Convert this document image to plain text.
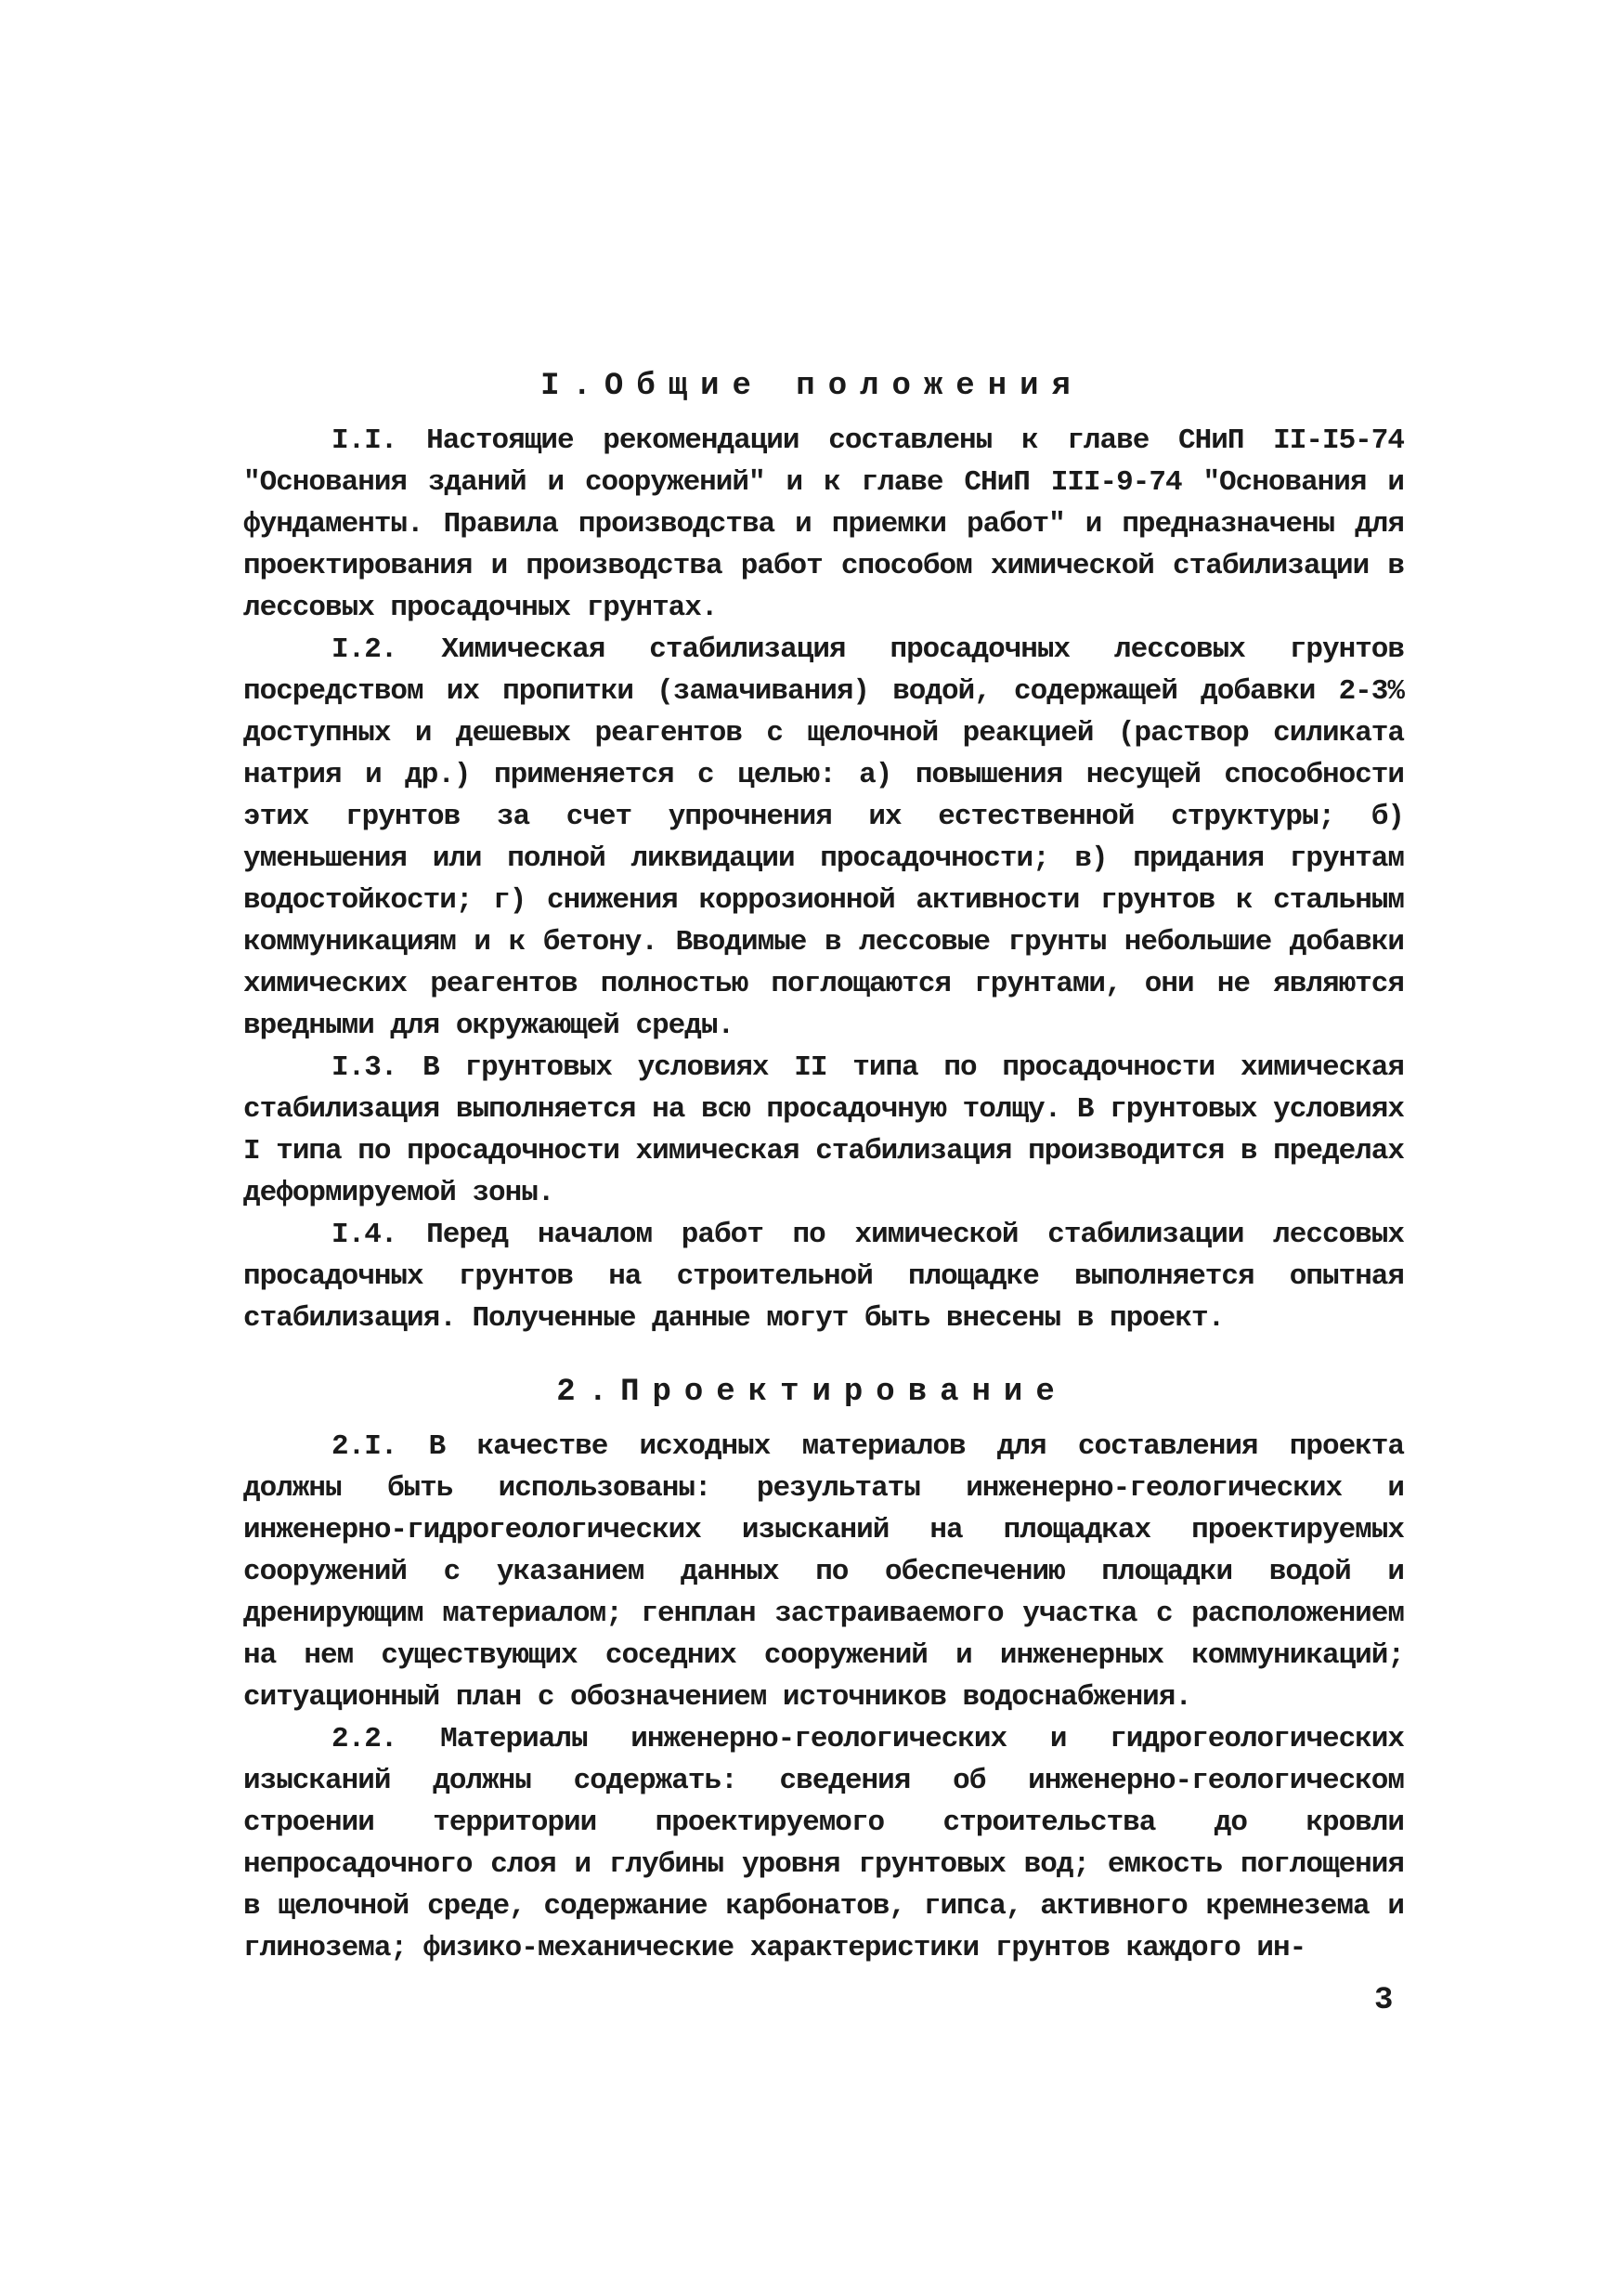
I.Общие положения

I.I. Настоящие рекомендации составлены к главе СНиП II-I5-74 "Основания зданий и сооружений" и к главе СНиП III-9-74 "Основания и фундаменты. Правила производства и приемки работ" и предназначены для проектирования и производства работ способом химической стабилизации в лессовых просадочных грунтах.

I.2. Химическая стабилизация просадочных лессовых грунтов посредством их пропитки (замачивания) водой, содержащей добавки 2-3% доступных и дешевых реагентов с щелочной реакцией (раствор силиката натрия и др.) применяется с целью: а) повышения несущей способности этих грунтов за счет упрочнения их естественной структуры; б) уменьшения или полной ликвидации просадочности; в) придания грунтам водостойкости; г) снижения коррозионной активности грунтов к стальным коммуникациям и к бетону. Вводимые в лессовые грунты небольшие добавки химических реагентов полностью поглощаются грунтами, они не являются вредными для окружающей среды.

I.3. В грунтовых условиях II типа по просадочности химическая стабилизация выполняется на всю просадочную толщу. В грунтовых условиях I типа по просадочности химическая стабилизация производится в пределах деформируемой зоны.

I.4. Перед началом работ по химической стабилизации лессовых просадочных грунтов на строительной площадке выполняется опытная стабилизация. Полученные данные могут быть внесены в проект.

2.Проектирование

2.I. В качестве исходных материалов для составления проекта должны быть использованы: результаты инженерно-геологических и инженерно-гидрогеологических изысканий на площадках проектируемых сооружений с указанием данных по обеспечению площадки водой и дренирующим материалом; генплан застраиваемого участка с расположением на нем существующих соседних сооружений и инженерных коммуникаций; ситуационный план с обозначением источников водоснабжения.

2.2. Материалы инженерно-геологических и гидрогеологических изысканий должны содержать: сведения об инженерно-геологическом строении территории проектируемого строительства до кровли непросадочного слоя и глубины уровня грунтовых вод; емкость поглощения в щелочной среде, содержание карбонатов, гипса, активного кремнезема и глинозема; физико-механические характеристики грунтов каждого ин-

3
